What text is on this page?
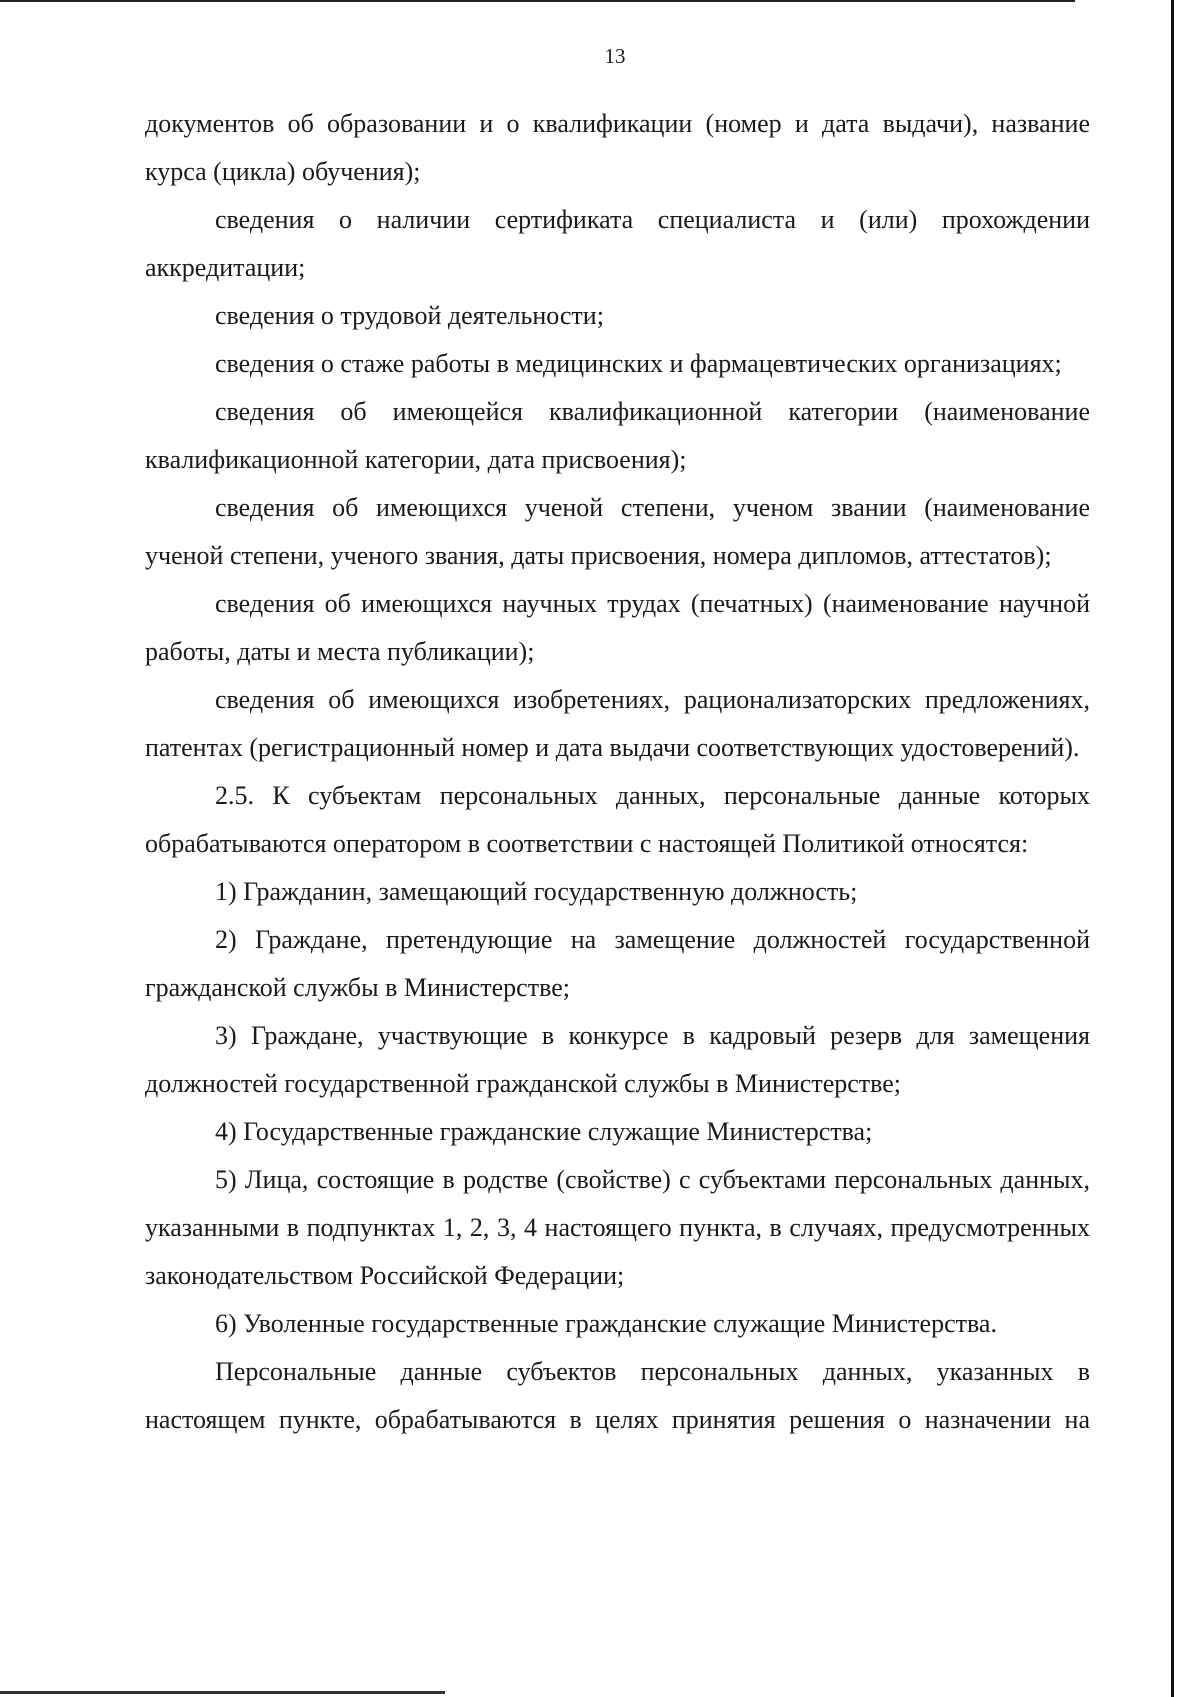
13

документов об образовании и о квалификации (номер и дата выдачи), название курса (цикла) обучения);

сведения о наличии сертификата специалиста и (или) прохождении аккредитации;

сведения о трудовой деятельности;

сведения о стаже работы в медицинских и фармацевтических организациях;

сведения об имеющейся квалификационной категории (наименование квалификационной категории, дата присвоения);

сведения об имеющихся ученой степени, ученом звании (наименование ученой степени, ученого звания, даты присвоения, номера дипломов, аттестатов);

сведения об имеющихся научных трудах (печатных) (наименование научной работы, даты и места публикации);

сведения об имеющихся изобретениях, рационализаторских предложениях, патентах (регистрационный номер и дата выдачи соответствующих удостоверений).

2.5. К субъектам персональных данных, персональные данные которых обрабатываются оператором в соответствии с настоящей Политикой относятся:

1) Гражданин, замещающий государственную должность;

2) Граждане, претендующие на замещение должностей государственной гражданской службы в Министерстве;

3) Граждане, участвующие в конкурсе в кадровый резерв для замещения должностей государственной гражданской службы в Министерстве;

4) Государственные гражданские служащие Министерства;

5) Лица, состоящие в родстве (свойстве) с субъектами персональных данных, указанными в подпунктах 1, 2, 3, 4 настоящего пункта, в случаях, предусмотренных законодательством Российской Федерации;

6) Уволенные государственные гражданские служащие Министерства.

Персональные данные субъектов персональных данных, указанных в настоящем пункте, обрабатываются в целях принятия решения о назначении на
